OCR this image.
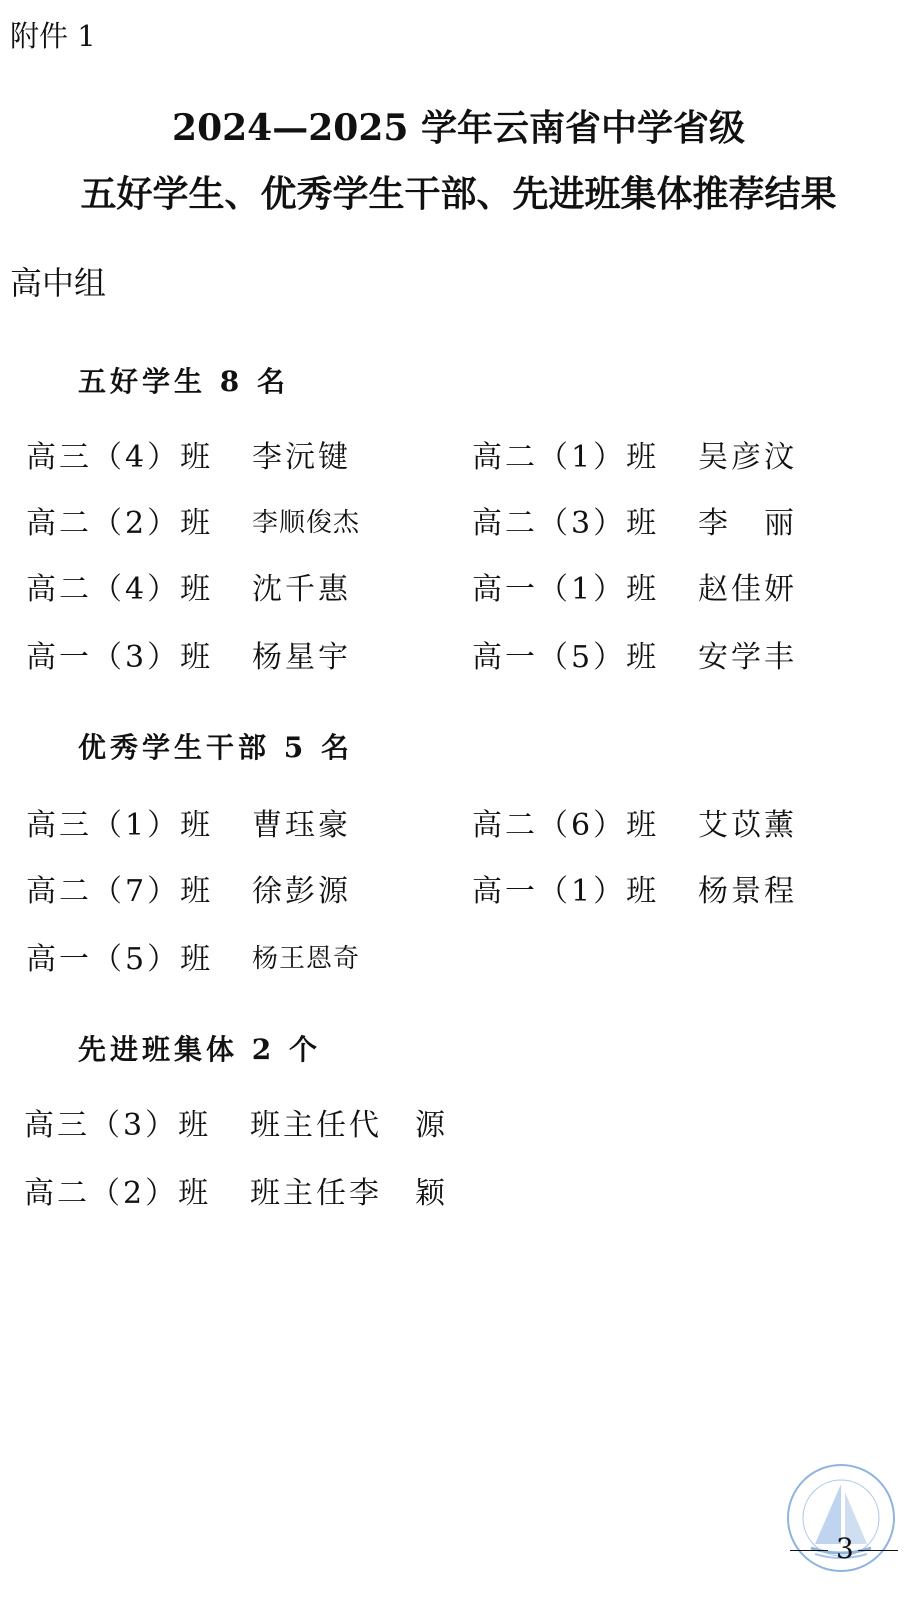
附件 1
2024—2025 学年云南省中学省级
五好学生、优秀学生干部、先进班集体推荐结果
高中组
五好学生 8 名
高三（4）班 李沅键	高二（1）班 吴彦汶
高二（2）班 李顺俊杰	高二（3）班 李　丽
高二（4）班 沈千惠	高一（1）班 赵佳妍
高一（3）班 杨星宇	高一（5）班 安学丰
优秀学生干部 5 名
高三（1）班 曹珏豪	高二（6）班 艾苡薰
高二（7）班 徐彭源	高一（1）班 杨景程
高一（5）班 杨王恩奇
先进班集体 2 个
高三（3）班 班主任代　源
高二（2）班 班主任李　颖
3
